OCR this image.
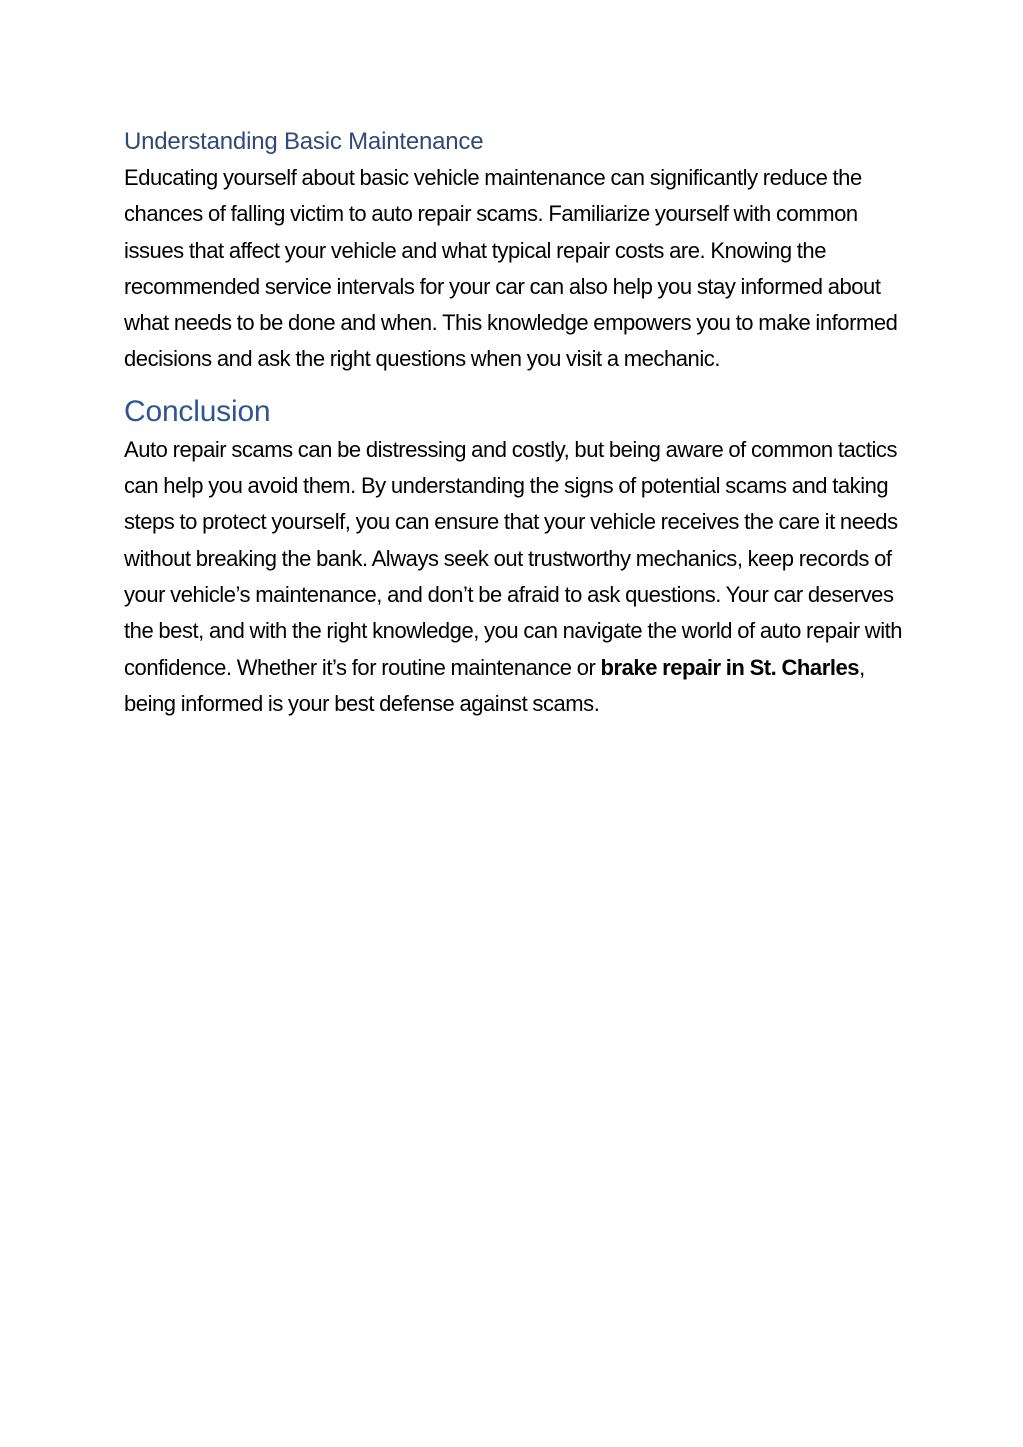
Understanding Basic Maintenance

Educating yourself about basic vehicle maintenance can significantly reduce the chances of falling victim to auto repair scams. Familiarize yourself with common issues that affect your vehicle and what typical repair costs are. Knowing the recommended service intervals for your car can also help you stay informed about what needs to be done and when. This knowledge empowers you to make informed decisions and ask the right questions when you visit a mechanic.

Conclusion

Auto repair scams can be distressing and costly, but being aware of common tactics can help you avoid them. By understanding the signs of potential scams and taking steps to protect yourself, you can ensure that your vehicle receives the care it needs without breaking the bank. Always seek out trustworthy mechanics, keep records of your vehicle’s maintenance, and don’t be afraid to ask questions. Your car deserves the best, and with the right knowledge, you can navigate the world of auto repair with confidence. Whether it’s for routine maintenance or brake repair in St. Charles, being informed is your best defense against scams.
